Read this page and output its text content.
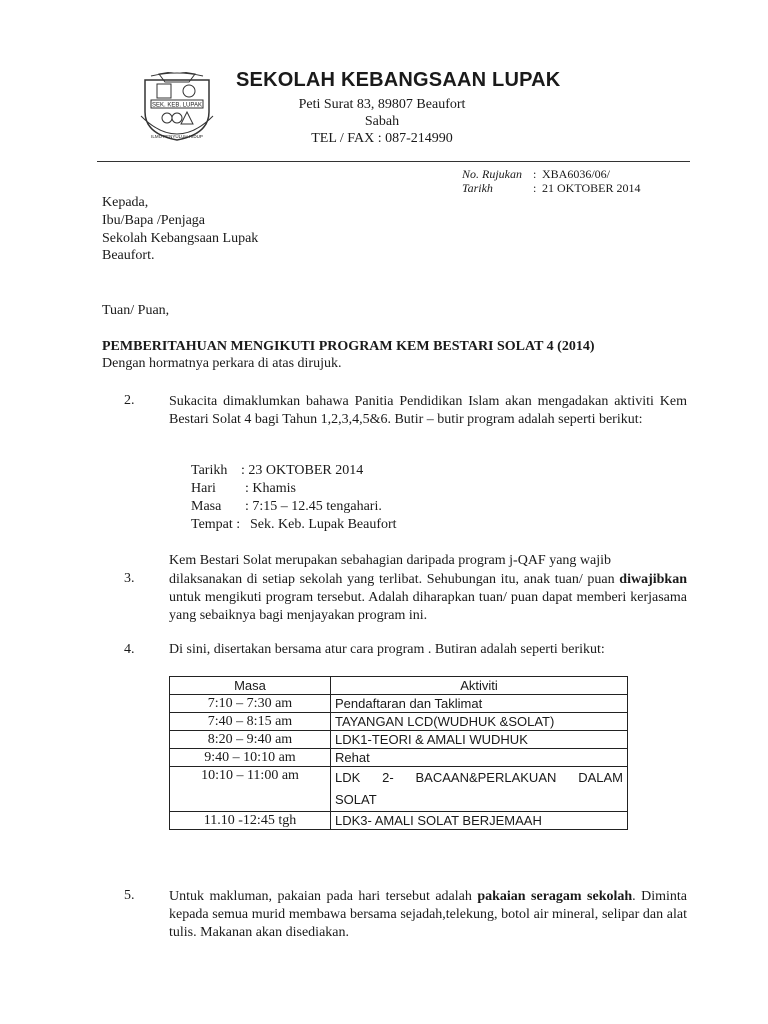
SEK. KEB. LUPAK
ILMU PENYULUH HIDUP
SEKOLAH KEBANGSAAN LUPAK
Peti Surat 83, 89807 Beaufort
Sabah
TEL / FAX : 087-214990
No. Rujukan : XBA6036/06/
Tarikh	: 21 OKTOBER 2014
Kepada,
Ibu/Bapa /Penjaga
Sekolah Kebangsaan Lupak
Beaufort.
Tuan/ Puan,
PEMBERITAHUAN MENGIKUTI PROGRAM KEM BESTARI SOLAT 4 (2014)
Dengan hormatnya perkara di atas dirujuk.
2. Sukacita dimaklumkan bahawa Panitia Pendidikan Islam akan mengadakan aktiviti Kem Bestari Solat 4 bagi Tahun 1,2,3,4,5&6. Butir – butir program adalah seperti berikut:
Tarikh : 23 OKTOBER 2014
Hari : Khamis
Masa : 7:15 – 12.45 tengahari.
Tempat : Sek. Keb. Lupak Beaufort
Kem Bestari Solat merupakan sebahagian daripada program j-QAF yang wajib
3. dilaksanakan di setiap sekolah yang terlibat. Sehubungan itu, anak tuan/ puan diwajibkan untuk mengikuti program tersebut. Adalah diharapkan tuan/ puan dapat memberi kerjasama yang sebaiknya bagi menjayakan program ini.
4. Di sini, disertakan bersama atur cara program . Butiran adalah seperti berikut:
Masa	Aktiviti
7:10 – 7:30 am	Pendaftaran dan Taklimat
7:40 – 8:15 am	TAYANGAN LCD(WUDHUK &SOLAT)
8:20 – 9:40 am	LDK1-TEORI & AMALI WUDHUK
9:40 – 10:10 am	Rehat
10:10 – 11:00 am	LDK 2- BACAAN&PERLAKUAN DALAM
SOLAT

11.10 -12:45 tgh	LDK3- AMALI SOLAT BERJEMAAH
5. Untuk makluman, pakaian pada hari tersebut adalah pakaian seragam sekolah. Diminta kepada semua murid membawa bersama sejadah,telekung, botol air mineral, selipar dan alat tulis. Makanan akan disediakan.
